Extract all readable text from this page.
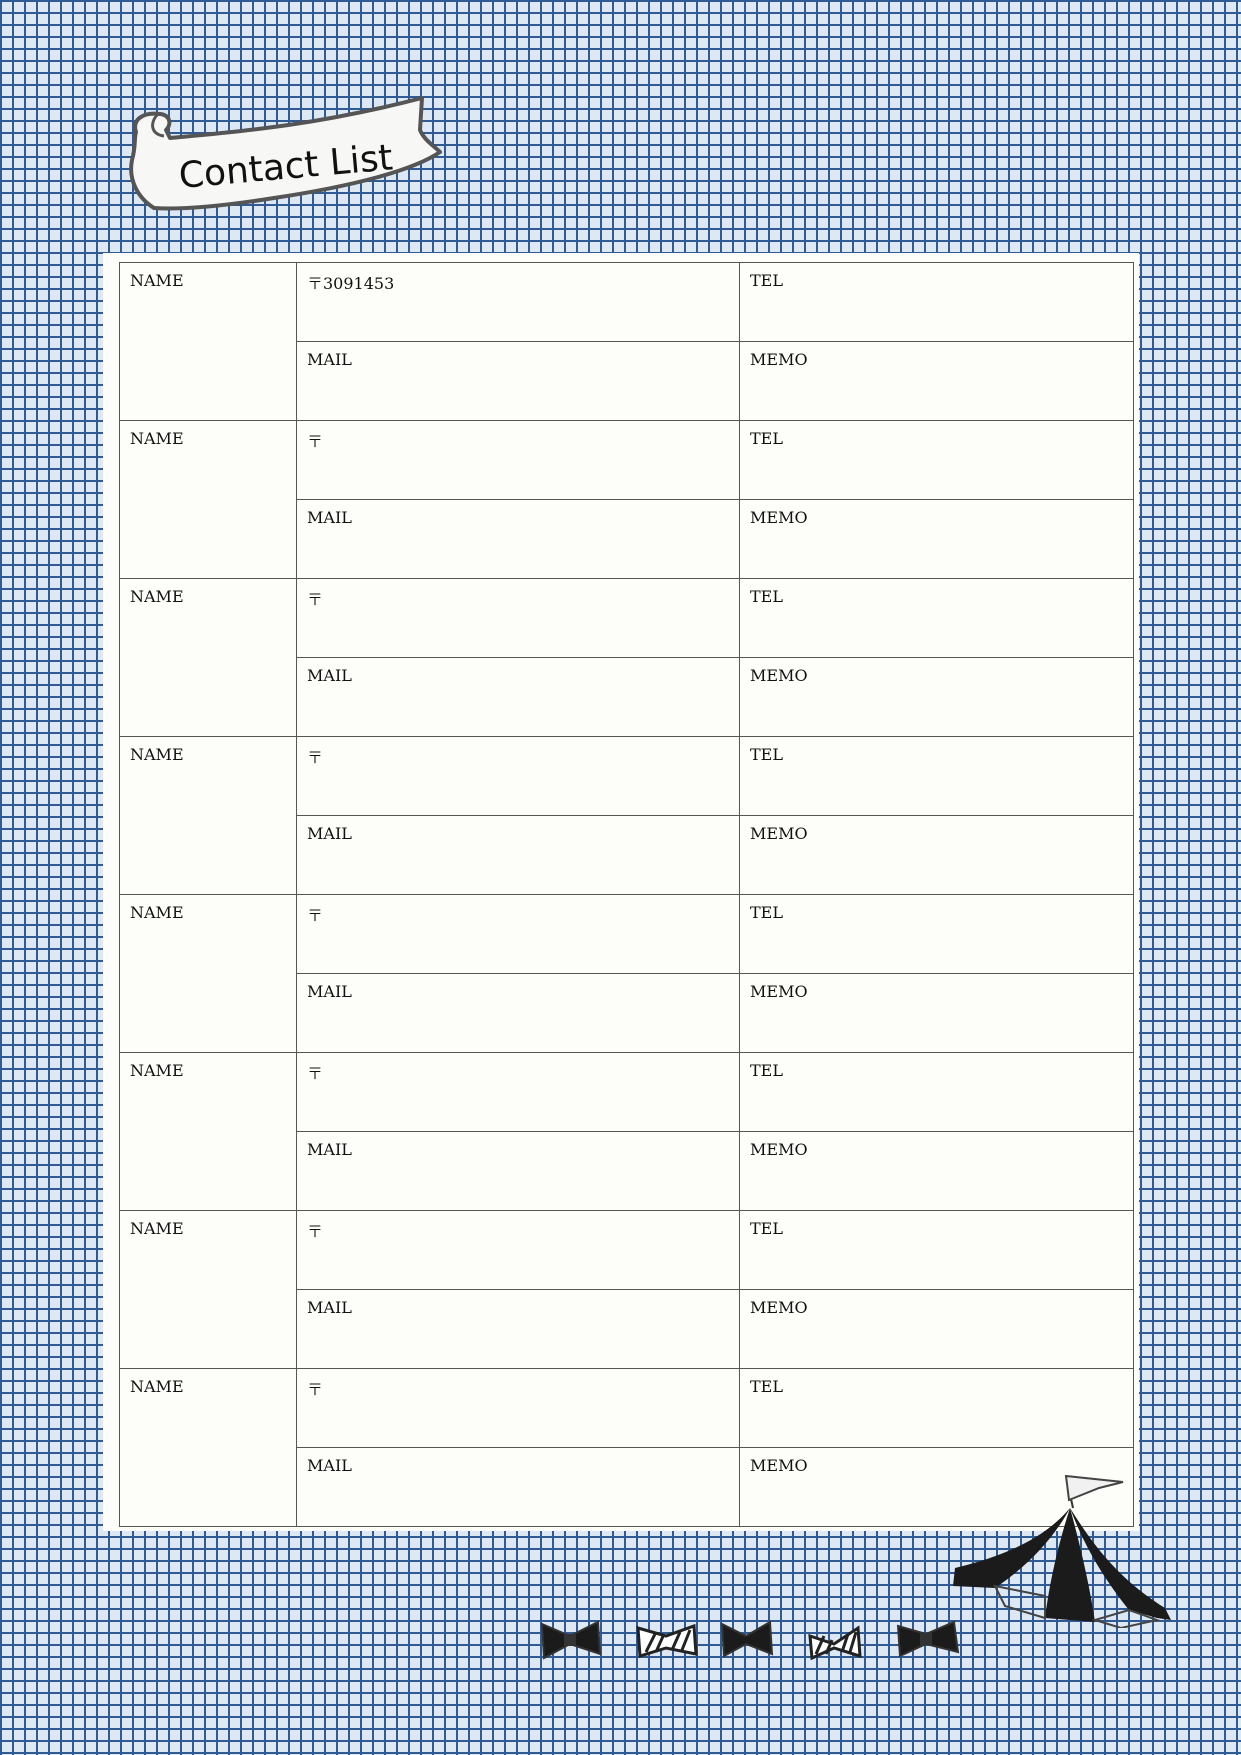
Contact List
NAME	〒3091453	TEL
	MAIL	MEMO
NAME	〒	TEL
	MAIL	MEMO
NAME	〒	TEL
	MAIL	MEMO
NAME	〒	TEL
	MAIL	MEMO
NAME	〒	TEL
	MAIL	MEMO
NAME	〒	TEL
	MAIL	MEMO
NAME	〒	TEL
	MAIL	MEMO
NAME	〒	TEL
	MAIL	MEMO
